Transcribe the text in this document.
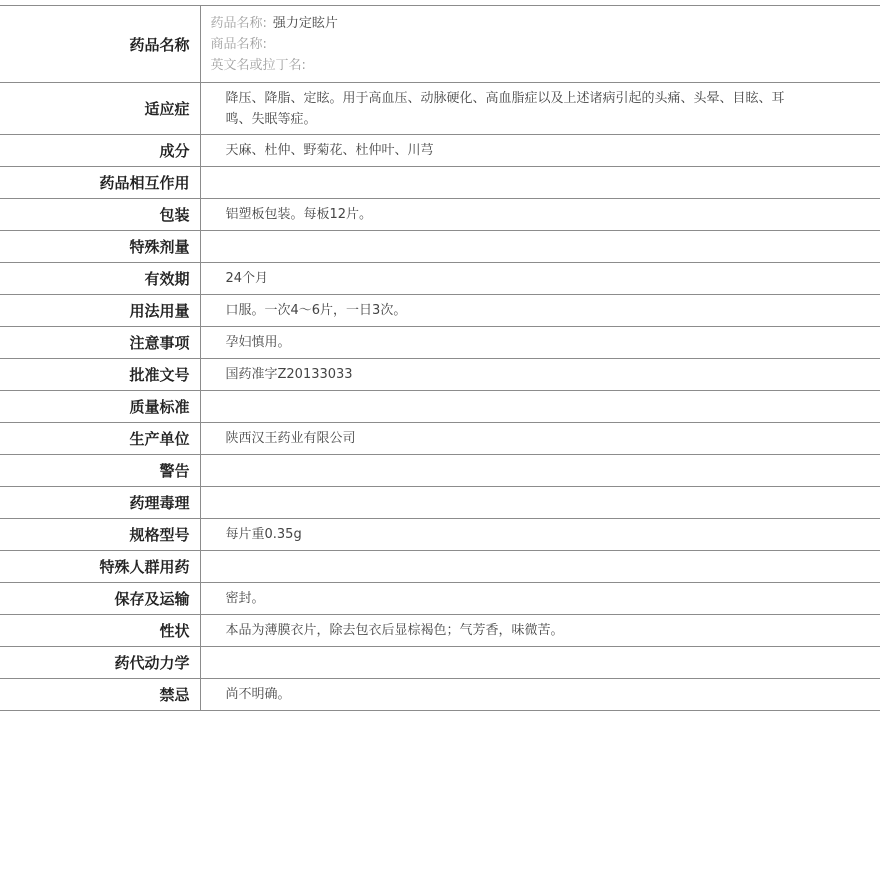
药品名称	药品名称: 强力定眩片
商品名称:
英文名或拉丁名:

适应症	降压、降脂、定眩。用于高血压、动脉硬化、高血脂症以及上述诸病引起的头痛、头晕、目眩、耳鸣、失眠等症。

成分	天麻、杜仲、野菊花、杜仲叶、川芎
药品相互作用	
包装	铝塑板包装。每板12片。
特殊剂量	
有效期	24个月
用法用量	口服。一次4～6片，一日3次。
注意事项	孕妇慎用。
批准文号	国药准字Z20133033
质量标准	
生产单位	陕西汉王药业有限公司
警告	
药理毒理	
规格型号	每片重0.35g
特殊人群用药	
保存及运输	密封。
性状	本品为薄膜衣片，除去包衣后显棕褐色；气芳香，味微苦。
药代动力学	
禁忌	尚不明确。
